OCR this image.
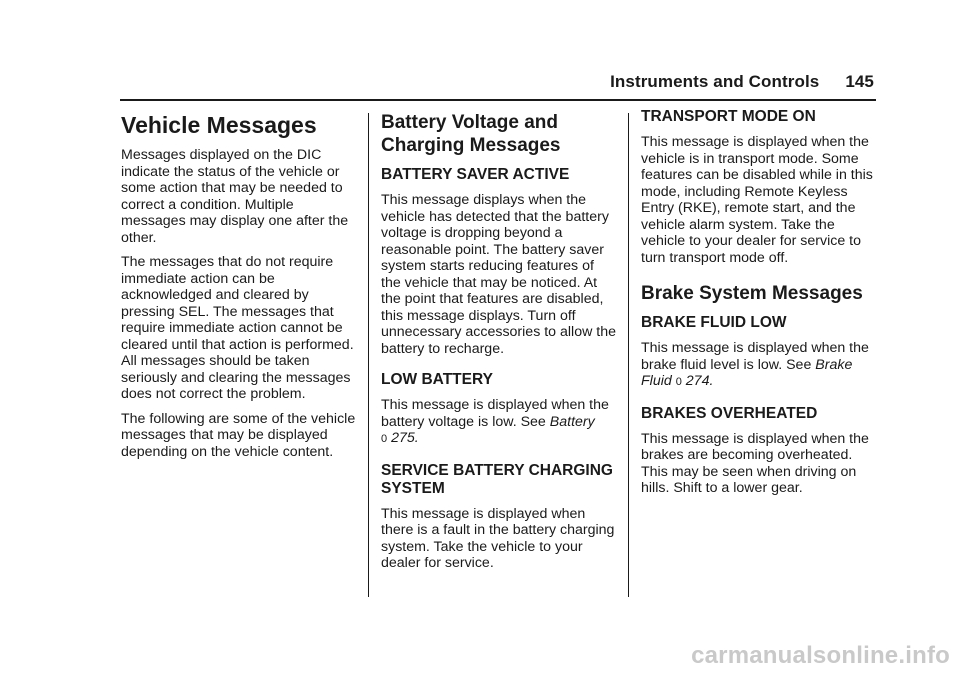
Instruments and Controls 145
Vehicle Messages

Messages displayed on the DIC indicate the status of the vehicle or some action that may be needed to correct a condition. Multiple messages may display one after the other.

The messages that do not require immediate action can be acknowledged and cleared by pressing SEL. The messages that require immediate action cannot be cleared until that action is performed. All messages should be taken seriously and clearing the messages does not correct the problem.

The following are some of the vehicle messages that may be displayed depending on the vehicle content.

Battery Voltage and Charging Messages
BATTERY SAVER ACTIVE

This message displays when the vehicle has detected that the battery voltage is dropping beyond a reasonable point. The battery saver system starts reducing features of the vehicle that may be noticed. At the point that features are disabled, this message displays. Turn off unnecessary accessories to allow the battery to recharge.

LOW BATTERY

This message is displayed when the battery voltage is low. See Battery
0 275.

SERVICE BATTERY CHARGING SYSTEM

This message is displayed when there is a fault in the battery charging system. Take the vehicle to your dealer for service.

TRANSPORT MODE ON

This message is displayed when the vehicle is in transport mode. Some features can be disabled while in this mode, including Remote Keyless Entry (RKE), remote start, and the vehicle alarm system. Take the vehicle to your dealer for service to turn transport mode off.

Brake System Messages
BRAKE FLUID LOW

This message is displayed when the brake fluid level is low. See Brake Fluid 0 274.

BRAKES OVERHEATED

This message is displayed when the brakes are becoming overheated. This may be seen when driving on hills. Shift to a lower gear.

carmanualsonline.info
